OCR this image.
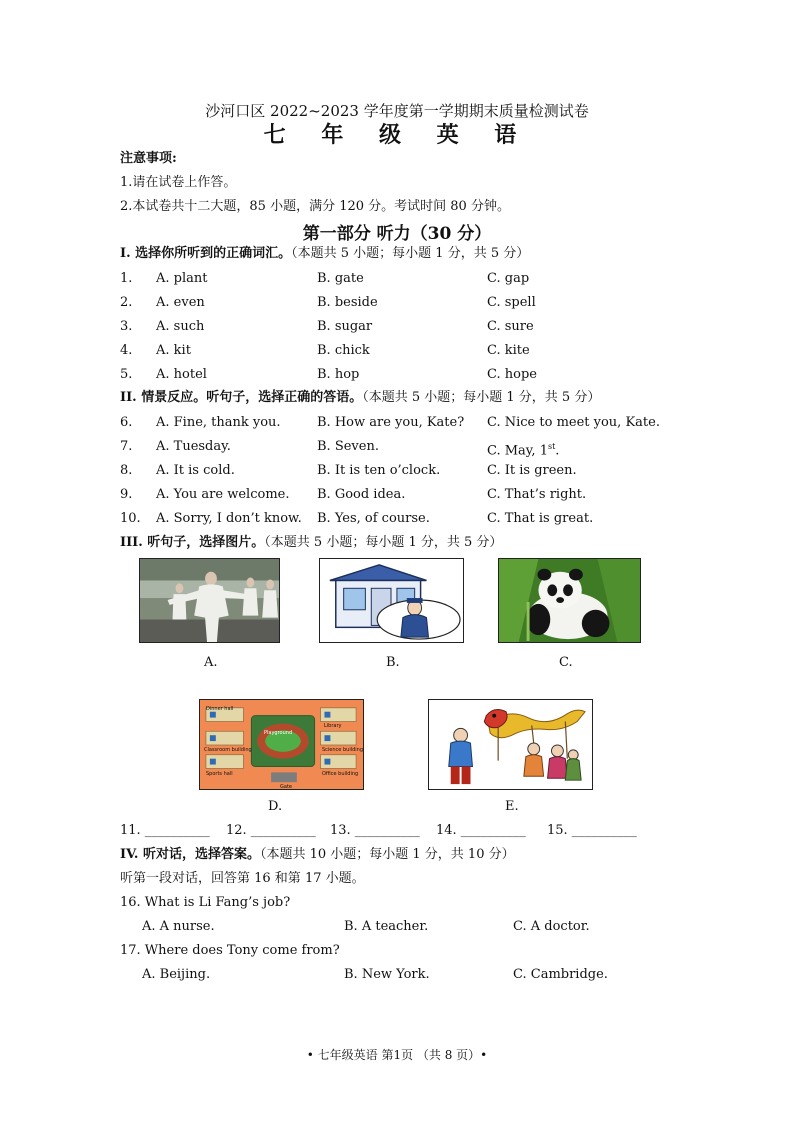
沙河口区 2022~2023 学年度第一学期期末质量检测试卷
七 年 级 英 语
注意事项:
1.请在试卷上作答。
2.本试卷共十二大题，85 小题，满分 120 分。考试时间 80 分钟。
第一部分 听力（30 分）
I. 选择你所听到的正确词汇。（本题共 5 小题；每小题 1 分，共 5 分）
1. A. plant	B. gate	C. gap
2. A. even	B. beside	C. spell
3. A. such	B. sugar	C. sure
4. A. kit	B. chick	C. kite
5. A. hotel	B. hop	C. hope
II. 情景反应。听句子，选择正确的答语。（本题共 5 小题；每小题 1 分，共 5 分）
6. A. Fine, thank you.	B. How are you, Kate? C. Nice to meet you, Kate.
7. A. Tuesday.	B. Seven.	C. May, 1st.
8. A. It is cold.	B. It is ten o’clock.	C. It is green.
9. A. You are welcome. B. Good idea.	C. That’s right.
10. A. Sorry, I don’t know. B. Yes, of course.	C. That is great.
III. 听句子，选择图片。（本题共 5 小题；每小题 1 分，共 5 分）
A.	B.	C.
Dinner hall
Playground
Library
Science building
Classroom building
Sports hall	Office building
Gate
D.	E.
11. __________ 12. __________ 13. __________ 14. __________ 15. __________
IV. 听对话，选择答案。（本题共 10 小题；每小题 1 分，共 10 分）
听第一段对话，回答第 16 和第 17 小题。
16. What is Li Fang’s job?
A. A nurse.	B. A teacher.	C. A doctor.
17. Where does Tony come from?
A. Beijing.	B. New York.	C. Cambridge.
• 七年级英语 第1页 （共 8 页）•
